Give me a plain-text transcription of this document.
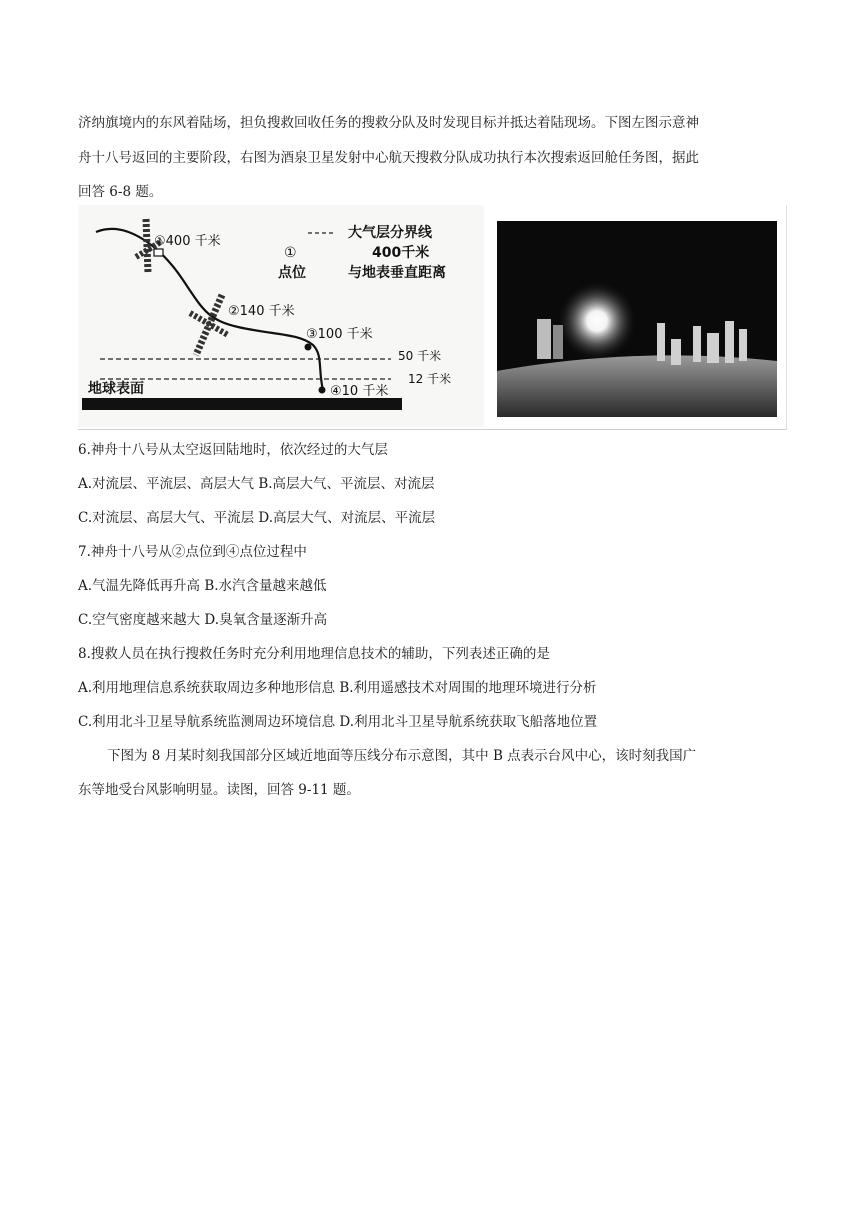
济纳旗境内的东风着陆场，担负搜救回收任务的搜救分队及时发现目标并抵达着陆现场。下图左图示意神
舟十八号返回的主要阶段，右图为酒泉卫星发射中心航天搜救分队成功执行本次搜索返回舱任务图，据此
回答 6-8 题。
①400 千米
②140 千米
③100 千米
④10 千米
50 千米
12 千米
地球表面
大气层分界线
①
点位
400千米
与地表垂直距离
6.神舟十八号从太空返回陆地时，依次经过的大气层
A.对流层、平流层、高层大气 B.高层大气、平流层、对流层
C.对流层、高层大气、平流层 D.高层大气、对流层、平流层
7.神舟十八号从②点位到④点位过程中
A.气温先降低再升高 B.水汽含量越来越低
C.空气密度越来越大 D.臭氧含量逐渐升高
8.搜救人员在执行搜救任务时充分利用地理信息技术的辅助，下列表述正确的是
A.利用地理信息系统获取周边多种地形信息 B.利用遥感技术对周围的地理环境进行分析
C.利用北斗卫星导航系统监测周边环境信息 D.利用北斗卫星导航系统获取飞船落地位置
下图为 8 月某时刻我国部分区域近地面等压线分布示意图，其中 B 点表示台风中心，该时刻我国广
东等地受台风影响明显。读图，回答 9-11 题。
